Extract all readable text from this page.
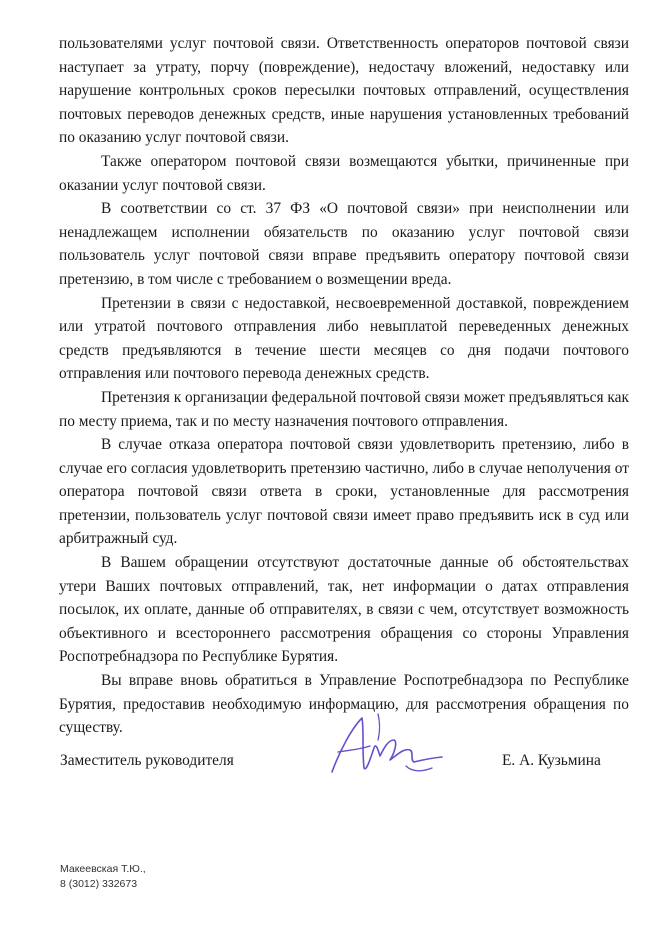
пользователями услуг почтовой связи. Ответственность операторов почтовой связи наступает за утрату, порчу (повреждение), недостачу вложений, недоставку или нарушение контрольных сроков пересылки почтовых отправлений, осуществления почтовых переводов денежных средств, иные нарушения установленных требований по оказанию услуг почтовой связи.

Также оператором почтовой связи возмещаются убытки, причиненные при оказании услуг почтовой связи.

В соответствии со ст. 37 ФЗ «О почтовой связи» при неисполнении или ненадлежащем исполнении обязательств по оказанию услуг почтовой связи пользователь услуг почтовой связи вправе предъявить оператору почтовой связи претензию, в том числе с требованием о возмещении вреда.

Претензии в связи с недоставкой, несвоевременной доставкой, повреждением или утратой почтового отправления либо невыплатой переведенных денежных средств предъявляются в течение шести месяцев со дня подачи почтового отправления или почтового перевода денежных средств.

Претензия к организации федеральной почтовой связи может предъявляться как по месту приема, так и по месту назначения почтового отправления.

В случае отказа оператора почтовой связи удовлетворить претензию, либо в случае его согласия удовлетворить претензию частично, либо в случае неполучения от оператора почтовой связи ответа в сроки, установленные для рассмотрения претензии, пользователь услуг почтовой связи имеет право предъявить иск в суд или арбитражный суд.

В Вашем обращении отсутствуют достаточные данные об обстоятельствах утери Ваших почтовых отправлений, так, нет информации о датах отправления посылок, их оплате, данные об отправителях, в связи с чем, отсутствует возможность объективного и всестороннего рассмотрения обращения со стороны Управления Роспотребнадзора по Республике Бурятия.

Вы вправе вновь обратиться в Управление Роспотребнадзора по Республике Бурятия, предоставив необходимую информацию, для рассмотрения обращения по существу.

Заместитель руководителя	Е. А. Кузьмина
Макеевская Т.Ю.,
8 (3012) 332673
